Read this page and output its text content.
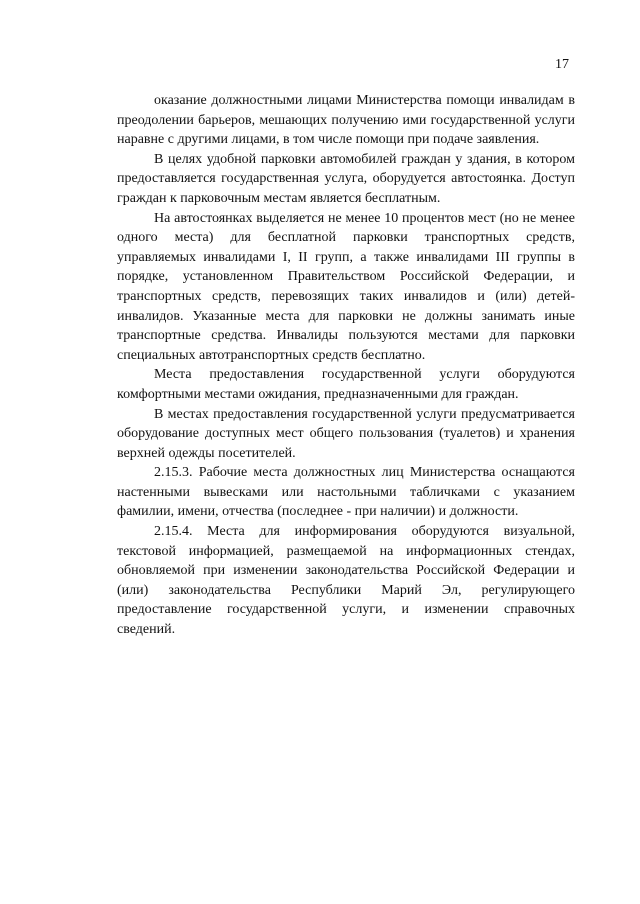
17

оказание должностными лицами Министерства помощи инвалидам в преодолении барьеров, мешающих получению ими государственной услуги наравне с другими лицами, в том числе помощи при подаче заявления.

В целях удобной парковки автомобилей граждан у здания, в котором предоставляется государственная услуга, оборудуется автостоянка. Доступ граждан к парковочным местам является бесплатным.

На автостоянках выделяется не менее 10 процентов мест (но не менее одного места) для бесплатной парковки транспортных средств, управляемых инвалидами I, II групп, а также инвалидами III группы в порядке, установленном Правительством Российской Федерации, и транспортных средств, перевозящих таких инвалидов и (или) детей-инвалидов. Указанные места для парковки не должны занимать иные транспортные средства. Инвалиды пользуются местами для парковки специальных автотранспортных средств бесплатно.

Места предоставления государственной услуги оборудуются комфортными местами ожидания, предназначенными для граждан.

В местах предоставления государственной услуги предусматривается оборудование доступных мест общего пользования (туалетов) и хранения верхней одежды посетителей.

2.15.3. Рабочие места должностных лиц Министерства оснащаются настенными вывесками или настольными табличками с указанием фамилии, имени, отчества (последнее - при наличии) и должности.

2.15.4. Места для информирования оборудуются визуальной, текстовой информацией, размещаемой на информационных стендах, обновляемой при изменении законодательства Российской Федерации и (или) законодательства Республики Марий Эл, регулирующего предоставление государственной услуги, и изменении справочных сведений.
